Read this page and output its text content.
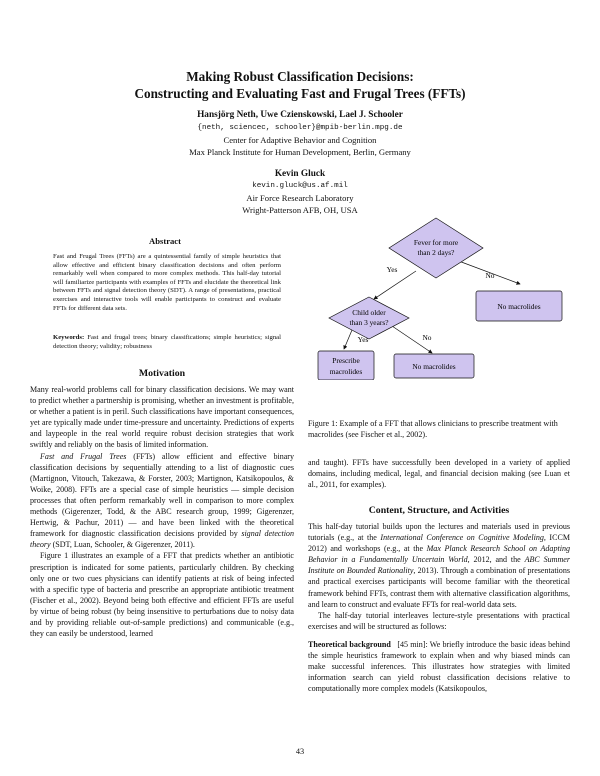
Making Robust Classification Decisions:
Constructing and Evaluating Fast and Frugal Trees (FFTs)
Hansjörg Neth, Uwe Czienskowski, Lael J. Schooler
{neth, sciencec, schooler}@mpib-berlin.mpg.de
Center for Adaptive Behavior and Cognition
Max Planck Institute for Human Development, Berlin, Germany
Kevin Gluck
kevin.gluck@us.af.mil
Air Force Research Laboratory
Wright-Patterson AFB, OH, USA
Abstract
Fast and Frugal Trees (FFTs) are a quintessential family of simple heuristics that allow effective and efficient binary classification decisions and often perform remarkably well when compared to more complex methods. This half-day tutorial will familiarize participants with examples of FFTs and elucidate the theoretical link between FFTs and signal detection theory (SDT). A range of presentations, practical exercises and interactive tools will enable participants to construct and evaluate FFTs for different data sets.
Keywords: Fast and frugal trees; binary classifications; simple heuristics; signal detection theory; validity; robustness
Motivation

Many real-world problems call for binary classification decisions. We may want to predict whether a partnership is promising, whether an investment is profitable, or whether a patient is in peril. Such classifications have important consequences, yet are typically made under time-pressure and uncertainty. Predictions of experts and laypeople in the real world require robust decision strategies that work swiftly and reliably on the basis of limited information.

Fast and Frugal Trees (FFTs) allow efficient and effective binary classification decisions by sequentially attending to a list of diagnostic cues (Martignon, Vitouch, Takezawa, & Forster, 2003; Martignon, Katsikopoulos, & Woike, 2008). FFTs are a special case of simple heuristics — simple decision processes that often perform remarkably well in comparison to more complex methods (Gigerenzer, Todd, & the ABC research group, 1999; Gigerenzer, Hertwig, & Pachur, 2011) — and have been linked with the theoretical framework for diagnostic classification decisions provided by signal detection theory (SDT, Luan, Schooler, & Gigerenzer, 2011).

Figure 1 illustrates an example of a FFT that predicts whether an antibiotic prescription is indicated for some patients, particularly children. By checking only one or two cues physicians can identify patients at risk of being infected with a specific type of bacteria and prescribe an appropriate antibiotic treatment (Fischer et al., 2002). Beyond being both effective and efficient FFTs are useful by virtue of being robust (by being insensitive to perturbations due to noisy data and by providing reliable out-of-sample predictions) and communicable (e.g., they can easily be understood, learned

Fever for more
than 2 days?
Child older
than 3 years?
Yes
No
Yes	No
No macrolides
Prescribe
macrolides
No macrolides
Figure 1: Example of a FFT that allows clinicians to prescribe treatment with macrolides (see Fischer et al., 2002).

and taught). FFTs have successfully been developed in a variety of applied domains, including medical, legal, and financial decision making (see Luan et al., 2011, for examples).

Content, Structure, and Activities

This half-day tutorial builds upon the lectures and materials used in previous tutorials (e.g., at the International Conference on Cognitive Modeling, ICCM 2012) and workshops (e.g., at the Max Planck Research School on Adapting Behavior in a Fundamentally Uncertain World, 2012, and the ABC Summer Institute on Bounded Rationality, 2013). Through a combination of presentations and practical exercises participants will become familiar with the theoretical framework behind FFTs, contrast them with alternative classification algorithms, and learn to construct and evaluate FFTs for real-world data sets.

The half-day tutorial interleaves lecture-style presentations with practical exercises and will be structured as follows:

Theoretical background [45 min]: We briefly introduce the basic ideas behind the simple heuristics framework to explain when and why biased minds can make successful inferences. This illustrates how strategies with limited information search can yield robust classification decisions relative to computationally more complex models (Katsikopoulos,

43
